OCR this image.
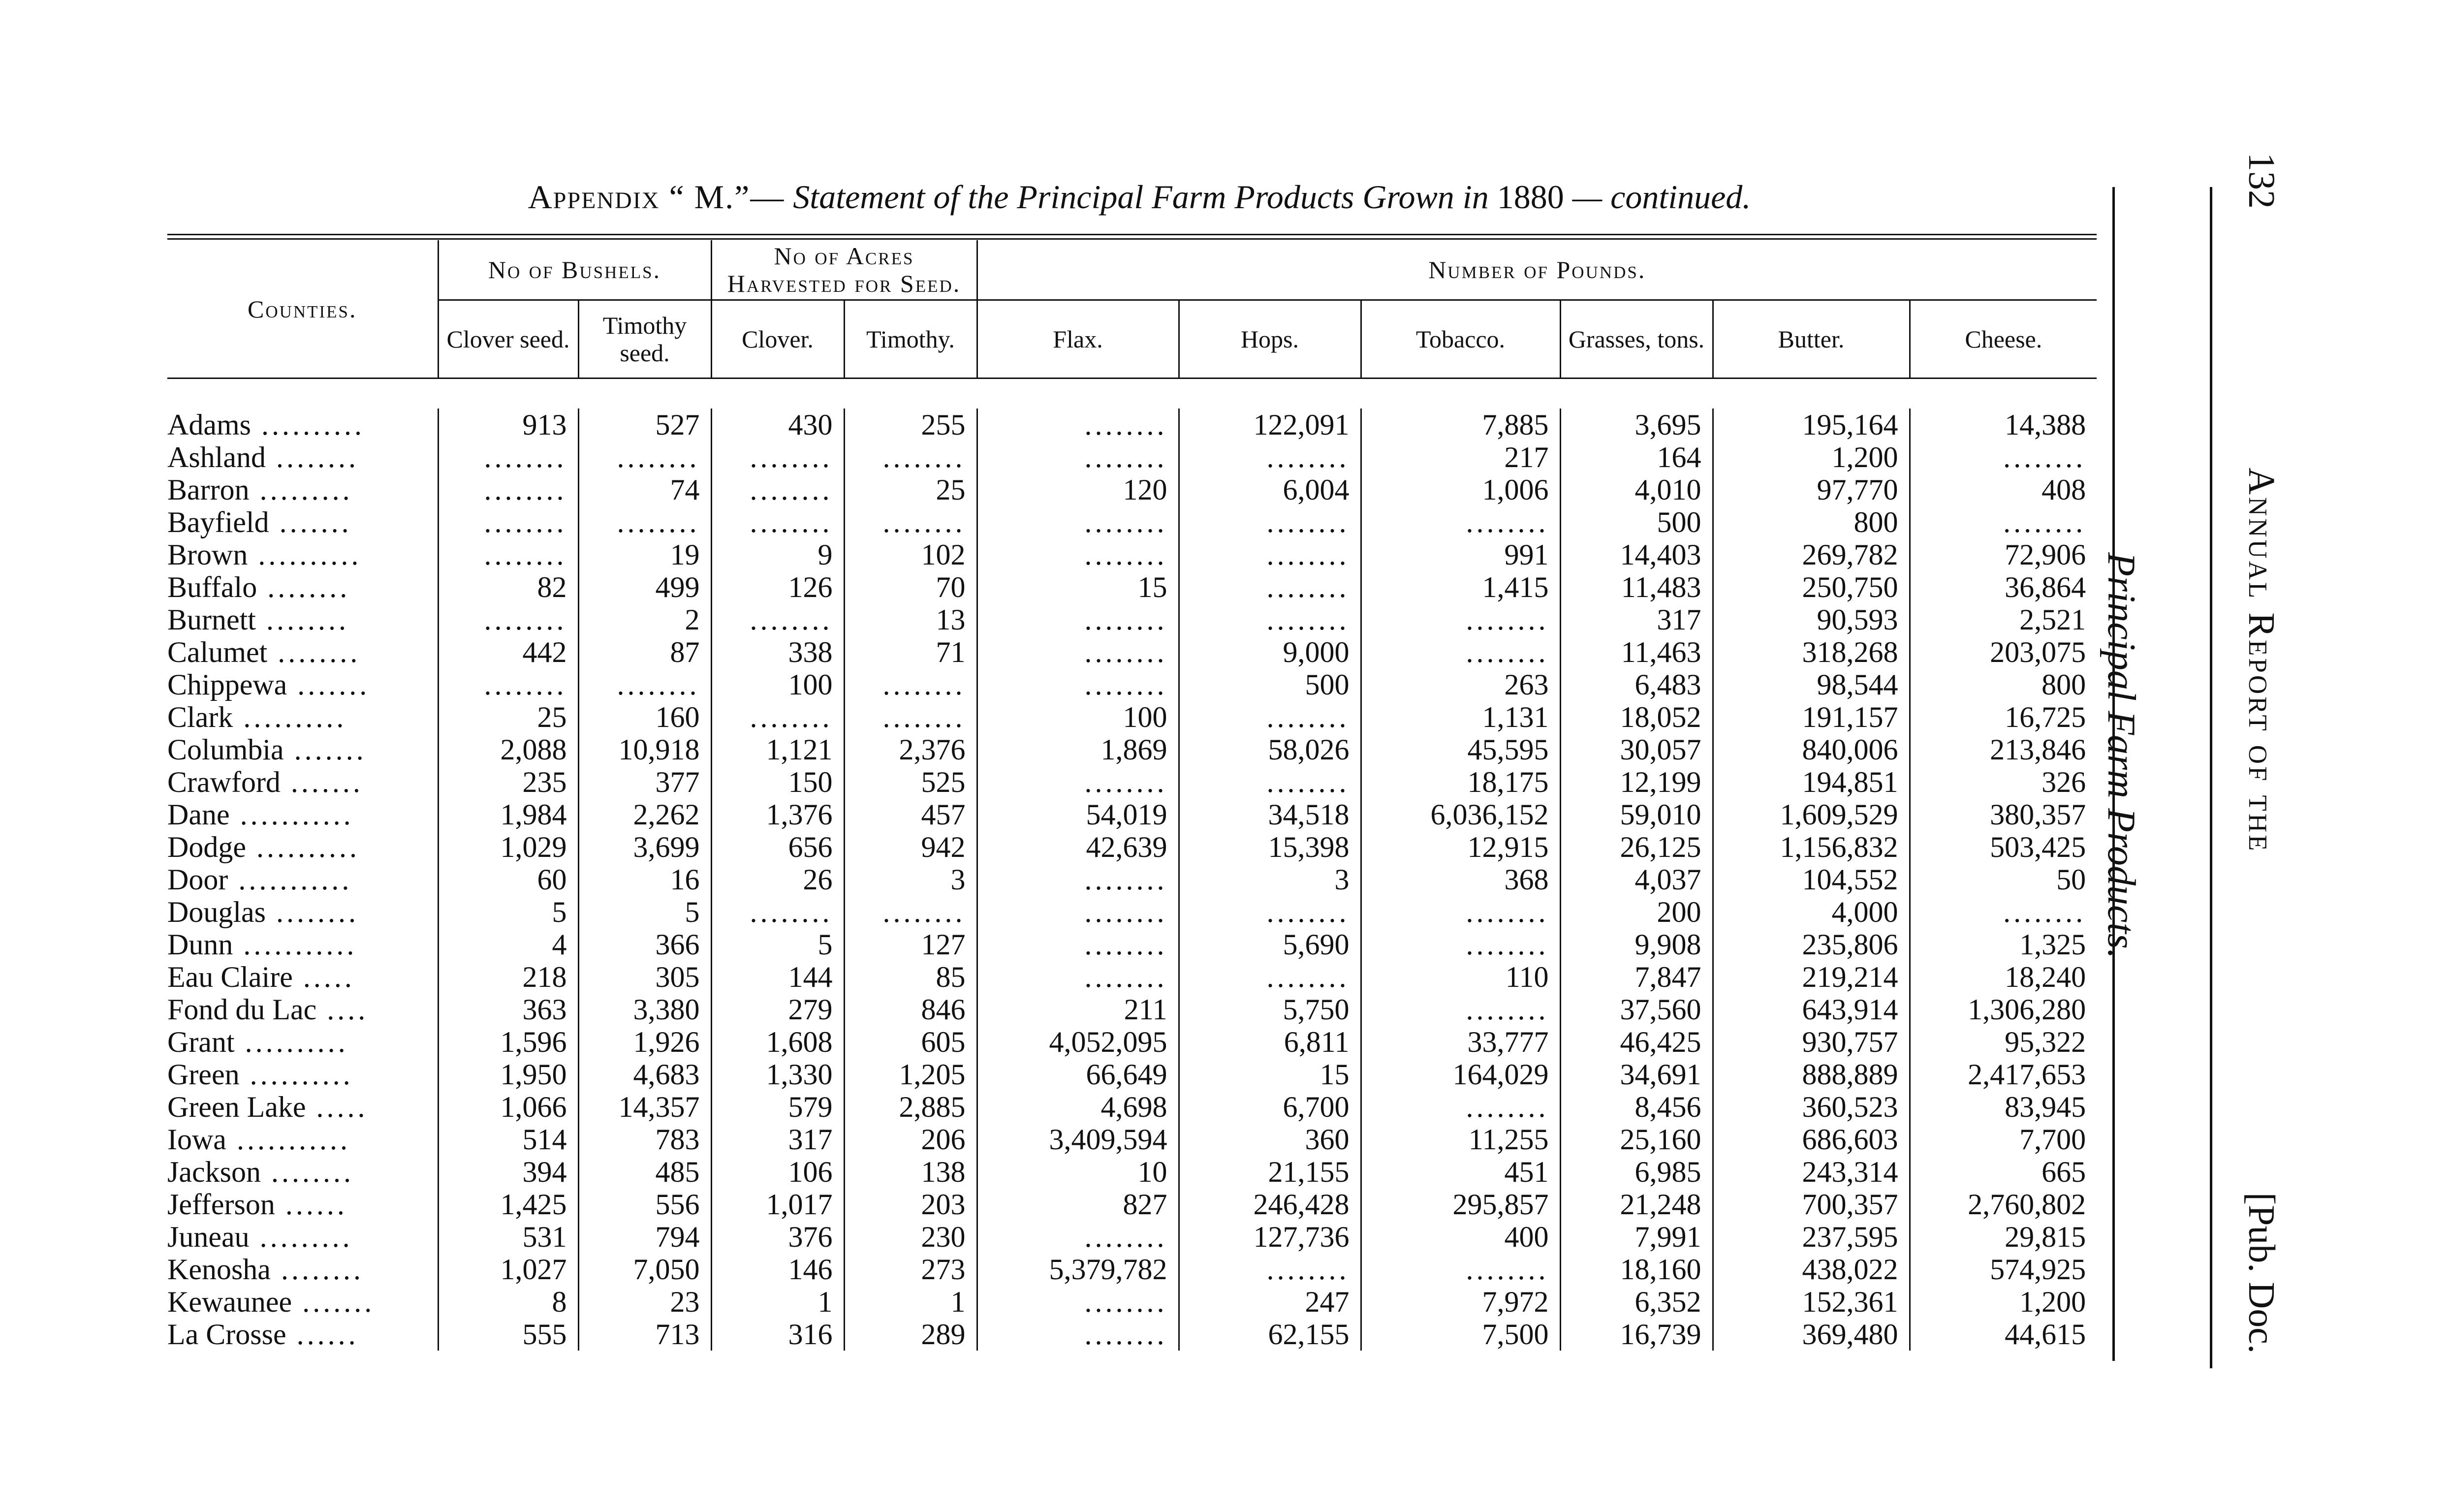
Appendix “ M.”— Statement of the Principal Farm Products Grown in 1880 — continued.
Counties.	No of Bushels.		No of Acres Harvested for Seed.		Number of Pounds.					
	Clover seed.	Timothy seed.	Clover.	Timothy.	Flax.	Hops.	Tobacco.	Grasses, tons.	Butter.	Cheese.

Adams ..........	913	527	430	255	........	122,091	7,885	3,695	195,164	14,388
Ashland ........	........	........	........	........	........	........	217	164	1,200	........
Barron .........	........	74	........	25	120	6,004	1,006	4,010	97,770	408
Bayfield .......	........	........	........	........	........	........	........	500	800	........
Brown ..........	........	19	9	102	........	........	991	14,403	269,782	72,906
Buffalo ........	82	499	126	70	15	........	1,415	11,483	250,750	36,864
Burnett ........	........	2	........	13	........	........	........	317	90,593	2,521
Calumet ........	442	87	338	71	........	9,000	........	11,463	318,268	203,075
Chippewa .......	........	........	100	........	........	500	263	6,483	98,544	800
Clark ..........	25	160	........	........	100	........	1,131	18,052	191,157	16,725
Columbia .......	2,088	10,918	1,121	2,376	1,869	58,026	45,595	30,057	840,006	213,846
Crawford .......	235	377	150	525	........	........	18,175	12,199	194,851	326
Dane ...........	1,984	2,262	1,376	457	54,019	34,518	6,036,152	59,010	1,609,529	380,357
Dodge ..........	1,029	3,699	656	942	42,639	15,398	12,915	26,125	1,156,832	503,425
Door ...........	60	16	26	3	........	3	368	4,037	104,552	50
Douglas ........	5	5	........	........	........	........	........	200	4,000	........
Dunn ...........	4	366	5	127	........	5,690	........	9,908	235,806	1,325
Eau Claire .....	218	305	144	85	........	........	110	7,847	219,214	18,240
Fond du Lac ....	363	3,380	279	846	211	5,750	........	37,560	643,914	1,306,280
Grant ..........	1,596	1,926	1,608	605	4,052,095	6,811	33,777	46,425	930,757	95,322
Green ..........	1,950	4,683	1,330	1,205	66,649	15	164,029	34,691	888,889	2,417,653
Green Lake .....	1,066	14,357	579	2,885	4,698	6,700	........	8,456	360,523	83,945
Iowa ...........	514	783	317	206	3,409,594	360	11,255	25,160	686,603	7,700
Jackson ........	394	485	106	138	10	21,155	451	6,985	243,314	665
Jefferson ......	1,425	556	1,017	203	827	246,428	295,857	21,248	700,357	2,760,802
Juneau .........	531	794	376	230	........	127,736	400	7,991	237,595	29,815
Kenosha ........	1,027	7,050	146	273	5,379,782	........	........	18,160	438,022	574,925
Kewaunee .......	8	23	1	1	........	247	7,972	6,352	152,361	1,200
La Crosse ......	555	713	316	289	........	62,155	7,500	16,739	369,480	44,615
Principal Farm Products.
132
Annual Report of the
[Pub. Doc.
